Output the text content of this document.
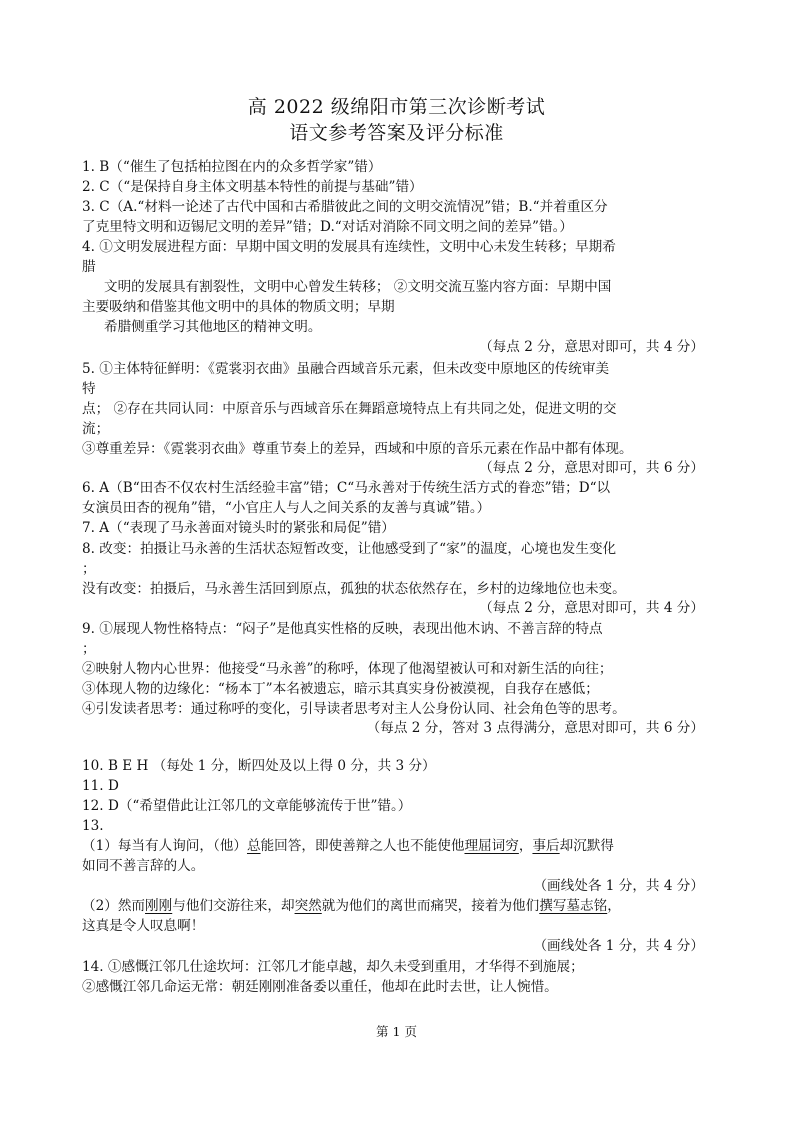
高 2022 级绵阳市第三次诊断考试
语文参考答案及评分标准
1. B（“催生了包括柏拉图在内的众多哲学家”错）
2. C（“是保持自身主体文明基本特性的前提与基础”错）
3. C（A.“材料一论述了古代中国和古希腊彼此之间的文明交流情况”错；B.“并着重区分
了克里特文明和迈锡尼文明的差异”错；D.“对话对消除不同文明之间的差异”错。）
4. ①文明发展进程方面：早期中国文明的发展具有连续性，文明中心未发生转移；早期希
腊
文明的发展具有割裂性，文明中心曾发生转移； ②文明交流互鉴内容方面：早期中国
主要吸纳和借鉴其他文明中的具体的物质文明；早期
希腊侧重学习其他地区的精神文明。
（每点 2 分，意思对即可，共 4 分）
5. ①主体特征鲜明：《霓裳羽衣曲》虽融合西域音乐元素，但未改变中原地区的传统审美
特
点； ②存在共同认同：中原音乐与西域音乐在舞蹈意境特点上有共同之处，促进文明的交
流；
③尊重差异：《霓裳羽衣曲》尊重节奏上的差异，西域和中原的音乐元素在作品中都有体现。
（每点 2 分，意思对即可，共 6 分）
6. A（B“田杏不仅农村生活经验丰富”错；C“马永善对于传统生活方式的眷恋”错；D“以
女演员田杏的视角”错，“小官庄人与人之间关系的友善与真诚”错。）
7. A（“表现了马永善面对镜头时的紧张和局促”错）
8. 改变：拍摄让马永善的生活状态短暂改变，让他感受到了“家”的温度，心境也发生变化
；
没有改变：拍摄后，马永善生活回到原点，孤独的状态依然存在，乡村的边缘地位也未变。
（每点 2 分，意思对即可，共 4 分）
9. ①展现人物性格特点：“闷子”是他真实性格的反映，表现出他木讷、不善言辞的特点
；
②映射人物内心世界：他接受“马永善”的称呼，体现了他渴望被认可和对新生活的向往；
③体现人物的边缘化：“杨本丁”本名被遗忘，暗示其真实身份被漠视，自我存在感低；
④引发读者思考：通过称呼的变化，引导读者思考对主人公身份认同、社会角色等的思考。
（每点 2 分，答对 3 点得满分，意思对即可，共 6 分）
10. B E H （每处 1 分，断四处及以上得 0 分，共 3 分）
11. D
12. D（“希望借此让江邻几的文章能够流传于世”错。）
13.
（1）每当有人询问，（他）总能回答，即使善辩之人也不能使他理屈词穷，事后却沉默得
如同不善言辞的人。
（画线处各 1 分，共 4 分）
（2）然而刚刚与他们交游往来，却突然就为他们的离世而痛哭，接着为他们撰写墓志铭，
这真是令人叹息啊！
（画线处各 1 分，共 4 分）
14. ①感慨江邻几仕途坎坷：江邻几才能卓越，却久未受到重用，才华得不到施展；
②感慨江邻几命运无常：朝廷刚刚准备委以重任，他却在此时去世，让人惋惜。
第 1 页
